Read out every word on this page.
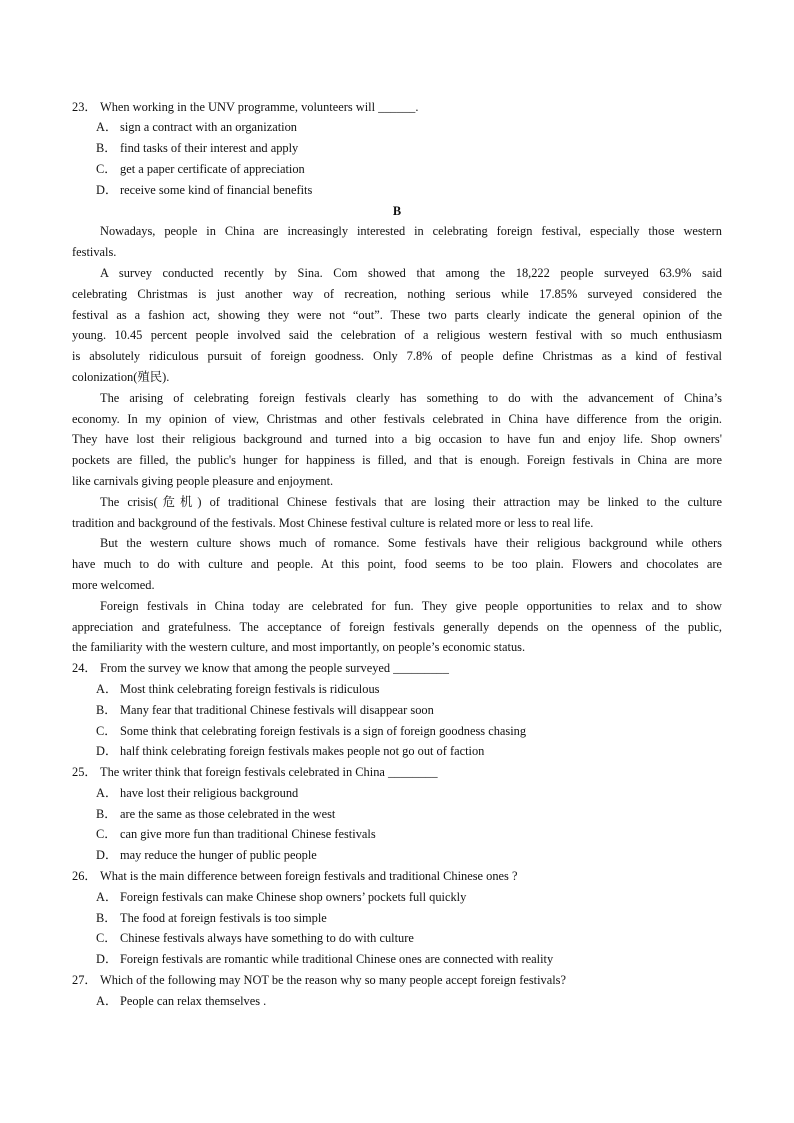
23． When working in the UNV programme, volunteers will ______.
A． sign a contract with an organization
B． find tasks of their interest and apply
C． get a paper certificate of appreciation
D． receive some kind of financial benefits
B
Nowadays, people in China are increasingly interested in celebrating foreign festival, especially those western
festivals.
A survey conducted recently by Sina. Com showed that among the 18,222 people surveyed 63.9% said
celebrating Christmas is just another way of recreation, nothing serious while 17.85% surveyed considered the
festival as a fashion act, showing they were not “out”. These two parts clearly indicate the general opinion of the
young. 10.45 percent people involved said the celebration of a religious western festival with so much enthusiasm
is absolutely ridiculous pursuit of foreign goodness. Only 7.8% of people define Christmas as a kind of festival
colonization(殖民).
The arising of celebrating foreign festivals clearly has something to do with the advancement of China’s
economy. In my opinion of view, Christmas and other festivals celebrated in China have difference from the origin.
They have lost their religious background and turned into a big occasion to have fun and enjoy life. Shop owners'
pockets are filled, the public's hunger for happiness is filled, and that is enough. Foreign festivals in China are more
like carnivals giving people pleasure and enjoyment.
The crisis(危机) of traditional Chinese festivals that are losing their attraction may be linked to the culture
tradition and background of the festivals. Most Chinese festival culture is related more or less to real life.
But the western culture shows much of romance. Some festivals have their religious background while others
have much to do with culture and people. At this point, food seems to be too plain. Flowers and chocolates are
more welcomed.
Foreign festivals in China today are celebrated for fun. They give people opportunities to relax and to show
appreciation and gratefulness. The acceptance of foreign festivals generally depends on the openness of the public,
the familiarity with the western culture, and most importantly, on people’s economic status.
24． From the survey we know that among the people surveyed _________
A． Most think celebrating foreign festivals is ridiculous
B． Many fear that traditional Chinese festivals will disappear soon
C． Some think that celebrating foreign festivals is a sign of foreign goodness chasing
D． half think celebrating foreign festivals makes people not go out of faction
25． The writer think that foreign festivals celebrated in China ________
A． have lost their religious background
B． are the same as those celebrated in the west
C． can give more fun than traditional Chinese festivals
D． may reduce the hunger of public people
26． What is the main difference between foreign festivals and traditional Chinese ones ?
A． Foreign festivals can make Chinese shop owners’ pockets full quickly
B． The food at foreign festivals is too simple
C． Chinese festivals always have something to do with culture
D． Foreign festivals are romantic while traditional Chinese ones are connected with reality
27． Which of the following may NOT be the reason why so many people accept foreign festivals?
A． People can relax themselves .
